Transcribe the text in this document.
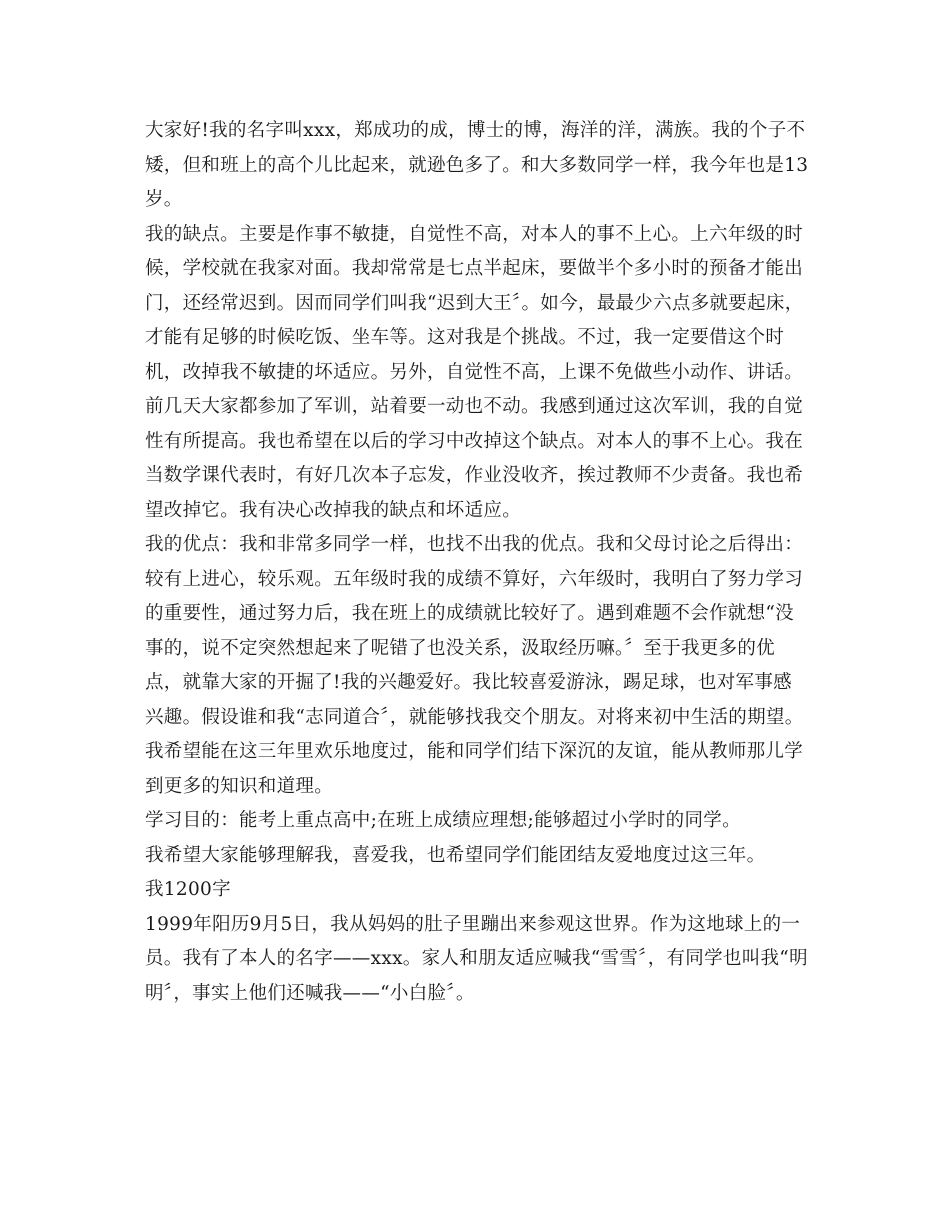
大家好!我的名字叫xxx，郑成功的成，博士的博，海洋的洋，满族。我的个子不矮，但和班上的高个儿比起来，就逊色多了。和大多数同学一样，我今年也是13岁。

我的缺点。主要是作事不敏捷，自觉性不高，对本人的事不上心。上六年级的时候，学校就在我家对面。我却常常是七点半起床，要做半个多小时的预备才能出门，还经常迟到。因而同学们叫我“迟到大王〞。如今，最最少六点多就要起床，才能有足够的时候吃饭、坐车等。这对我是个挑战。不过，我一定要借这个时机，改掉我不敏捷的坏适应。另外，自觉性不高，上课不免做些小动作、讲话。前几天大家都参加了军训，站着要一动也不动。我感到通过这次军训，我的自觉性有所提高。我也希望在以后的学习中改掉这个缺点。对本人的事不上心。我在当数学课代表时，有好几次本子忘发，作业没收齐，挨过教师不少责备。我也希望改掉它。我有决心改掉我的缺点和坏适应。

我的优点：我和非常多同学一样，也找不出我的优点。我和父母讨论之后得出：较有上进心，较乐观。五年级时我的成绩不算好，六年级时，我明白了努力学习的重要性，通过努力后，我在班上的成绩就比较好了。遇到难题不会作就想“没事的，说不定突然想起来了呢错了也没关系，汲取经历嘛。〞至于我更多的优点，就靠大家的开掘了!我的兴趣爱好。我比较喜爱游泳，踢足球，也对军事感兴趣。假设谁和我“志同道合〞，就能够找我交个朋友。对将来初中生活的期望。我希望能在这三年里欢乐地度过，能和同学们结下深沉的友谊，能从教师那儿学到更多的知识和道理。

学习目的：能考上重点高中;在班上成绩应理想;能够超过小学时的同学。

我希望大家能够理解我，喜爱我，也希望同学们能团结友爱地度过这三年。

我1200字

1999年阳历9月5日，我从妈妈的肚子里蹦出来参观这世界。作为这地球上的一员。我有了本人的名字——xxx。家人和朋友适应喊我“雪雪〞，有同学也叫我“明明〞，事实上他们还喊我——“小白脸〞。
